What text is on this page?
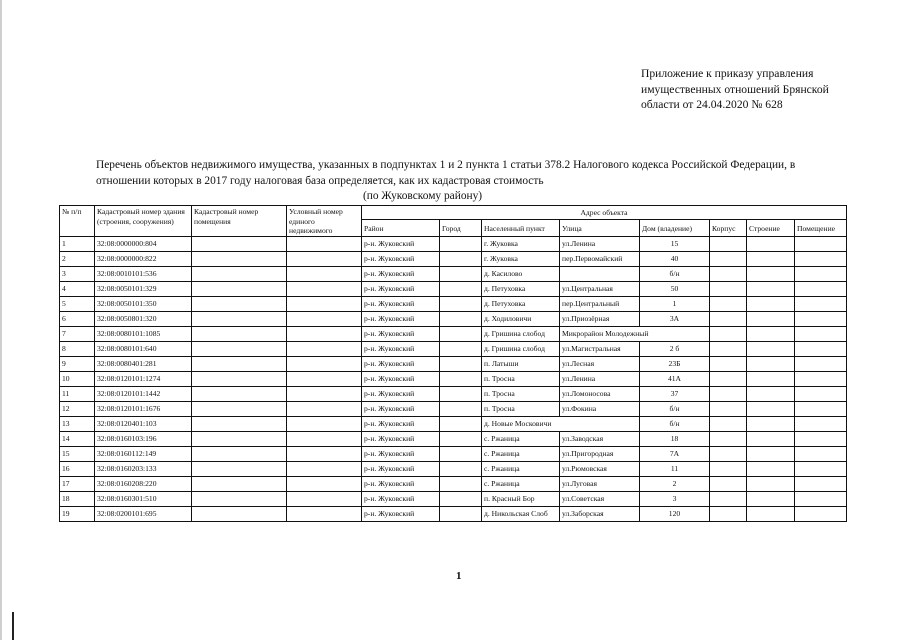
Приложение к приказу управления
имущественных отношений Брянской
области от 24.04.2020 № 628
Перечень объектов недвижимого имущества, указанных в подпунктах 1 и 2 пункта 1 статьи 378.2 Налогового кодекса Российской Федерации, в отношении которых в 2017 году налоговая база определяется, как их кадастровая стоимость
(по Жуковскому району)
№ п/п	Кадастровый номер здания (строения, сооружения)	Кадастровый номер помещения	Условный номер единого недвижимого	Адрес объекта							
				Район	Город	Населенный пункт	Улица	Дом (владение)	Корпус	Строение	Помещение
1	32:08:0000000:804			р-н. Жуковский		г. Жуковка	ул.Ленина	15			
2	32:08:0000000:822			р-н. Жуковский		г. Жуковка	пер.Первомайский	40			
3	32:08:0010101:536			р-н. Жуковский		д. Касилово		б/н			
4	32:08:0050101:329			р-н. Жуковский		д. Петуховка	ул.Центральная	50			
5	32:08:0050101:350			р-н. Жуковский		д. Петуховка	пер.Центральный	1			
6	32:08:0050801:320			р-н. Жуковский		д. Ходиловичи	ул.Приозёрная	3А			
7	32:08:0080101:1085			р-н. Жуковский		д. Гришина слобод	Микрорайон Молодежный				
8	32:08:0080101:640			р-н. Жуковский		д. Гришина слобод	ул.Магистральная	2 б			
9	32:08:0080401:281			р-н. Жуковский		п. Латыши	ул.Лесная	23Б			
10	32:08:0120101:1274			р-н. Жуковский		п. Тросна	ул.Ленина	41А			
11	32:08:0120101:1442			р-н. Жуковский		п. Тросна	ул.Ломоносова	37			
12	32:08:0120101:1676			р-н. Жуковский		п. Тросна	ул.Фокина	б/н			
13	32:08:0120401:103			р-н. Жуковский		д. Новые Московичи		б/н			
14	32:08:0160103:196			р-н. Жуковский		с. Ржаница	ул.Заводская	18			
15	32:08:0160112:149			р-н. Жуковский		с. Ржаница	ул.Пригородная	7А			
16	32:08:0160203:133			р-н. Жуковский		с. Ржаница	ул.Рюмовская	11			
17	32:08:0160208:220			р-н. Жуковский		с. Ржаница	ул.Луговая	2			
18	32:08:0160301:510			р-н. Жуковский		п. Красный Бор	ул.Советская	3			
19	32:08:0200101:695			р-н. Жуковский		д. Никольская Слоб	ул.Заборская	120			
1
